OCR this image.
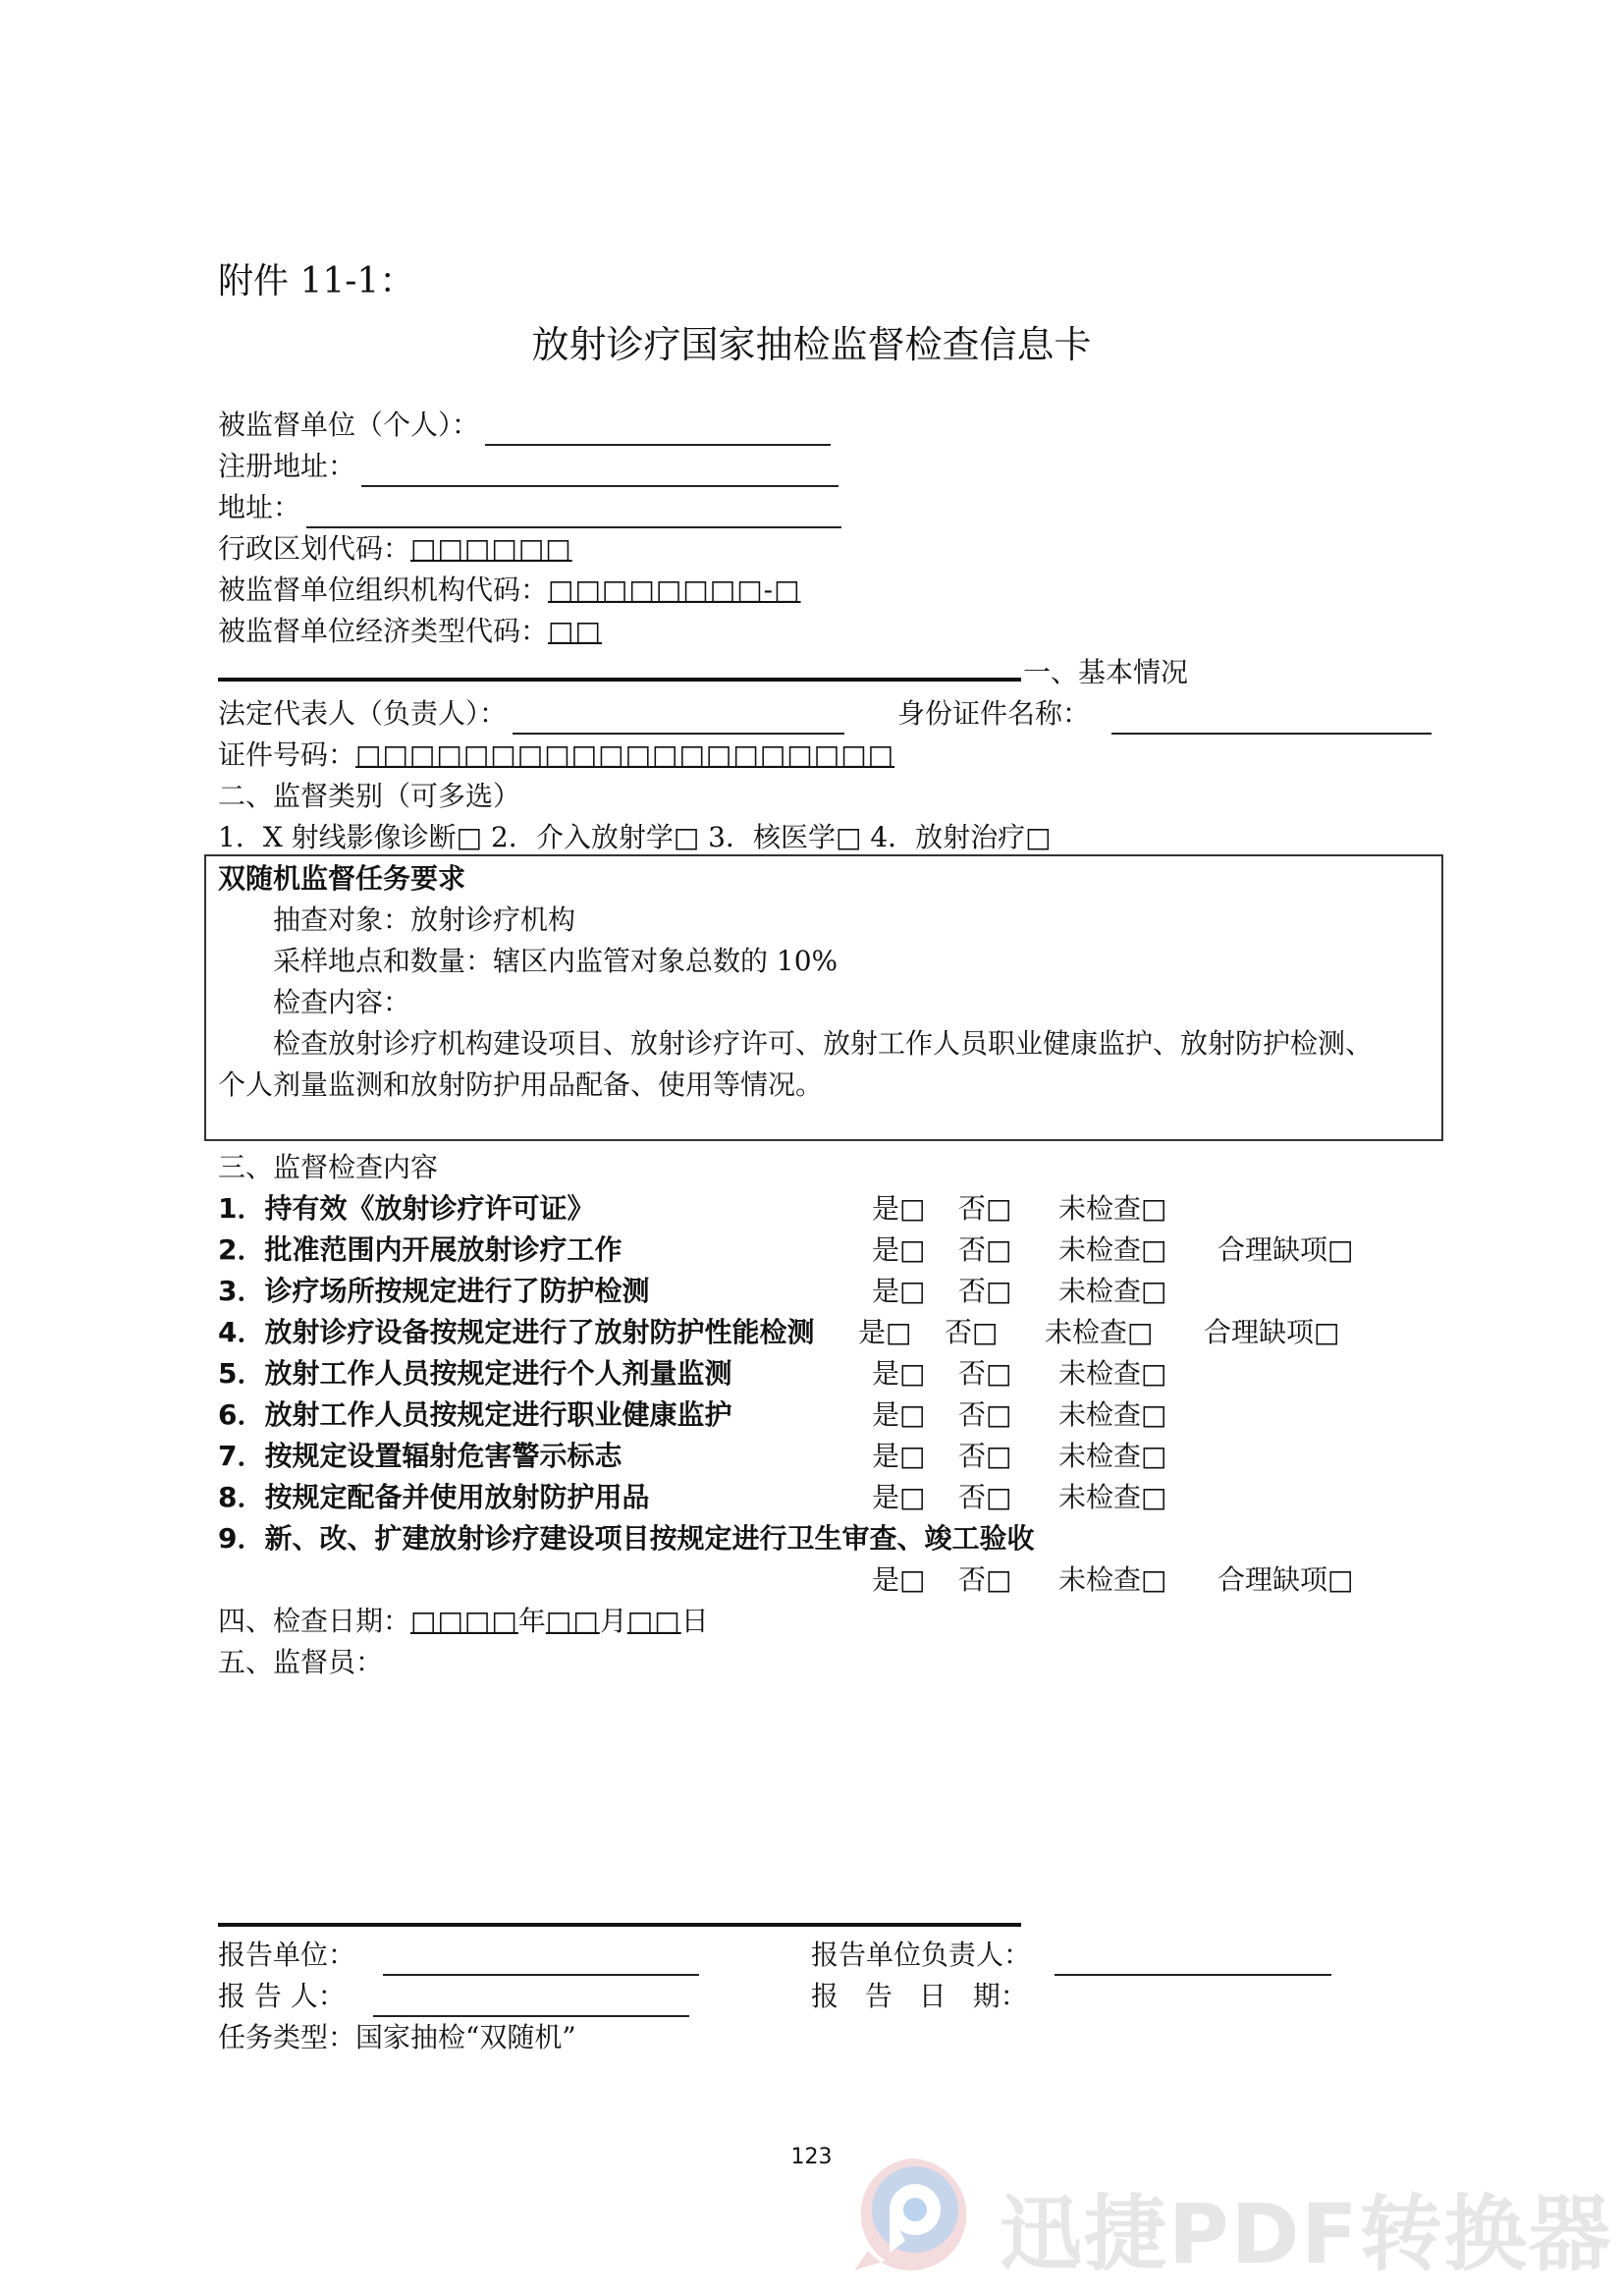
附件 11-1：
放射诊疗国家抽检监督检查信息卡
被监督单位（个人）：
注册地址：
地址：
行政区划代码：□□□□□□
被监督单位组织机构代码：□□□□□□□□-□
被监督单位经济类型代码：□□
一、基本情况
法定代表人（负责人）：	身份证件名称：
证件号码：□□□□□□□□□□□□□□□□□□□□
二、监督类别（可多选）
1．X 射线影像诊断□ 2．介入放射学□ 3．核医学□ 4．放射治疗□
双随机监督任务要求
抽查对象：放射诊疗机构
采样地点和数量：辖区内监管对象总数的 10%
检查内容：
检查放射诊疗机构建设项目、放射诊疗许可、放射工作人员职业健康监护、放射防护检测、
个人剂量监测和放射防护用品配备、使用等情况。
三、监督检查内容
1．持有效《放射诊疗许可证》	是□ 否□ 未检查□
2．批准范围内开展放射诊疗工作	是□ 否□ 未检查□ 合理缺项□
3．诊疗场所按规定进行了防护检测	是□ 否□ 未检查□
4．放射诊疗设备按规定进行了放射防护性能检测 是□ 否□ 未检查□ 合理缺项□
5．放射工作人员按规定进行个人剂量监测	是□ 否□ 未检查□
6．放射工作人员按规定进行职业健康监护	是□ 否□ 未检查□
7．按规定设置辐射危害警示标志	是□ 否□ 未检查□
8．按规定配备并使用放射防护用品	是□ 否□ 未检查□
9．新、改、扩建放射诊疗建设项目按规定进行卫生审查、竣工验收
是□ 否□ 未检查□ 合理缺项□
四、检查日期：□□□□年□□月□□日
五、监督员：
报告单位：	报告单位负责人：
报 告 人：	报 告 日 期：
任务类型：国家抽检“双随机”
123
迅捷PDF转换器
